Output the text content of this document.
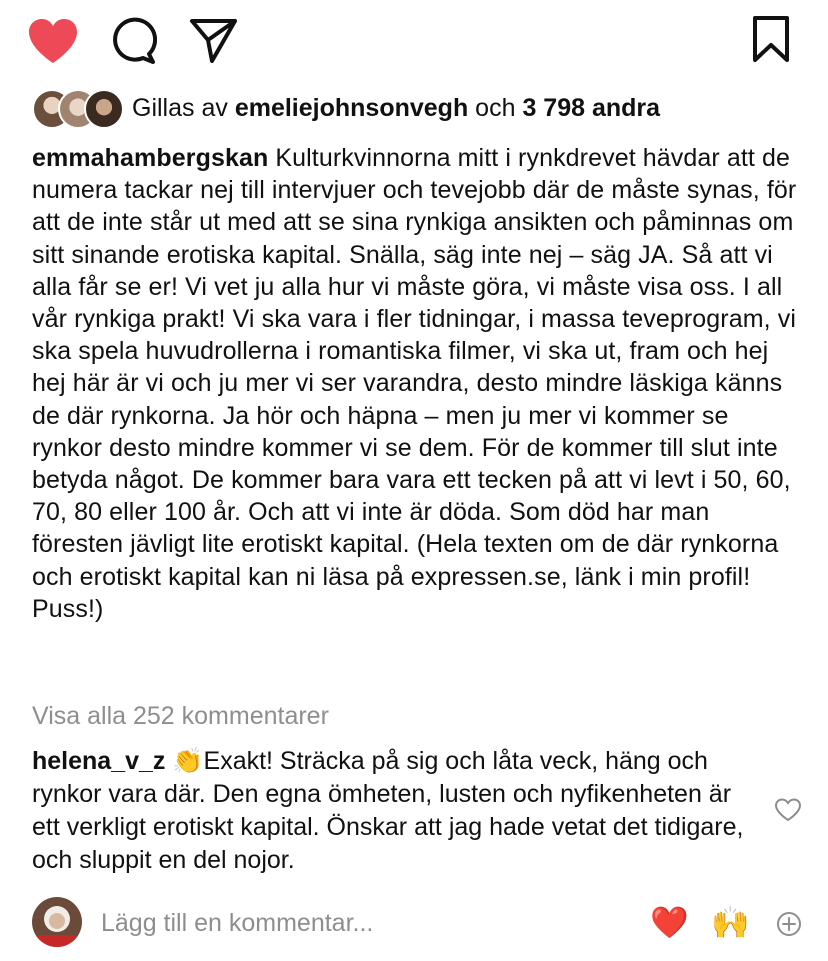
Gillas av emeliejohnsonvegh och 3 798 andra
emmahambergskan Kulturkvinnorna mitt i rynkdrevet hävdar att de numera tackar nej till intervjuer och tevejobb där de måste synas, för att de inte står ut med att se sina rynkiga ansikten och påminnas om sitt sinande erotiska kapital. Snälla, säg inte nej – säg JA. Så att vi alla får se er! Vi vet ju alla hur vi måste göra, vi måste visa oss. I all vår rynkiga prakt! Vi ska vara i fler tidningar, i massa teveprogram, vi ska spela huvudrollerna i romantiska filmer, vi ska ut, fram och hej hej här är vi och ju mer vi ser varandra, desto mindre läskiga känns de där rynkorna. Ja hör och häpna – men ju mer vi kommer se rynkor desto mindre kommer vi se dem. För de kommer till slut inte betyda något. De kommer bara vara ett tecken på att vi levt i 50, 60, 70, 80 eller 100 år. Och att vi inte är döda. Som död har man föresten jävligt lite erotiskt kapital. (Hela texten om de där rynkorna och erotiskt kapital kan ni läsa på expressen.se, länk i min profil! Puss!)
Visa alla 252 kommentarer
helena_v_z 👏Exakt! Sträcka på sig och låta veck, häng och rynkor vara där. Den egna ömheten, lusten och nyfikenheten är ett verkligt erotiskt kapital. Önskar att jag hade vetat det tidigare, och sluppit en del nojor.
Lägg till en kommentar...
❤️ 🙌
